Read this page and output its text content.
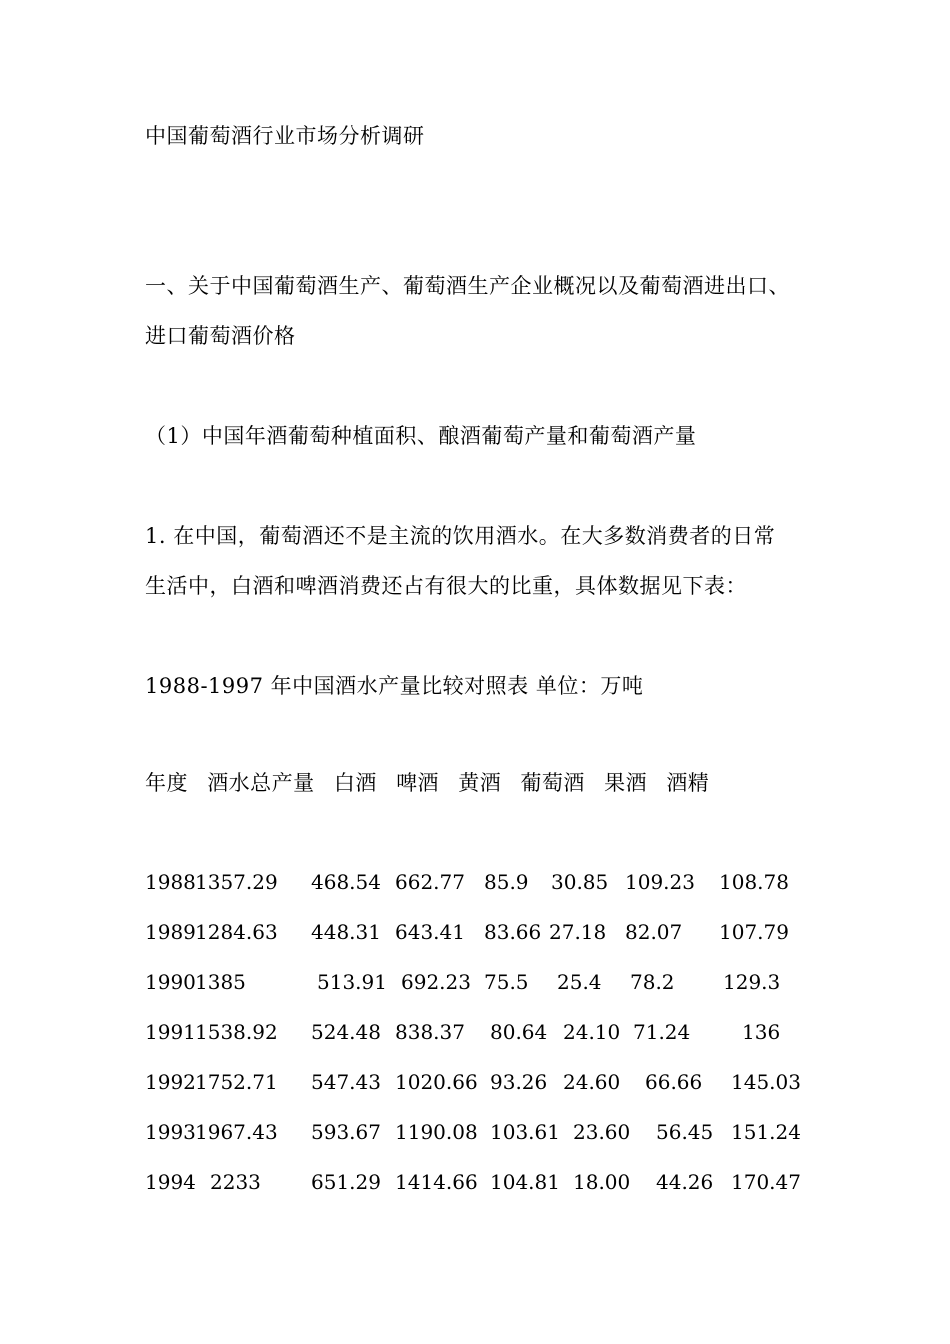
中国葡萄酒行业市场分析调研
一、关于中国葡萄酒生产、葡萄酒生产企业概况以及葡萄酒进出口、
进口葡萄酒价格
（1）中国年酒葡萄种植面积、酿酒葡萄产量和葡萄酒产量
1. 在中国，葡萄酒还不是主流的饮用酒水。在大多数消费者的日常
生活中，白酒和啤酒消费还占有很大的比重，具体数据见下表：
1988-1997 年中国酒水产量比较对照表 单位：万吨
年度 酒水总产量 白酒 啤酒 黄酒 葡萄酒 果酒 酒精
1988 1357.29 468.54 662.77 85.9 30.85 109.23 108.78
1989 1284.63 448.31 643.41 83.66 27.18 82.07 107.79
1990 1385	513.91 692.23 75.5 25.4 78.2 129.3
1991 1538.92 524.48 838.37 80.64 24.10 71.24	136
1992 1752.71 547.43 1020.66 93.26 24.60 66.66 145.03
1993 1967.43 593.67 1190.08 103.61 23.60 56.45 151.24
1994 2233	651.29 1414.66 104.81 18.00 44.26 170.47
